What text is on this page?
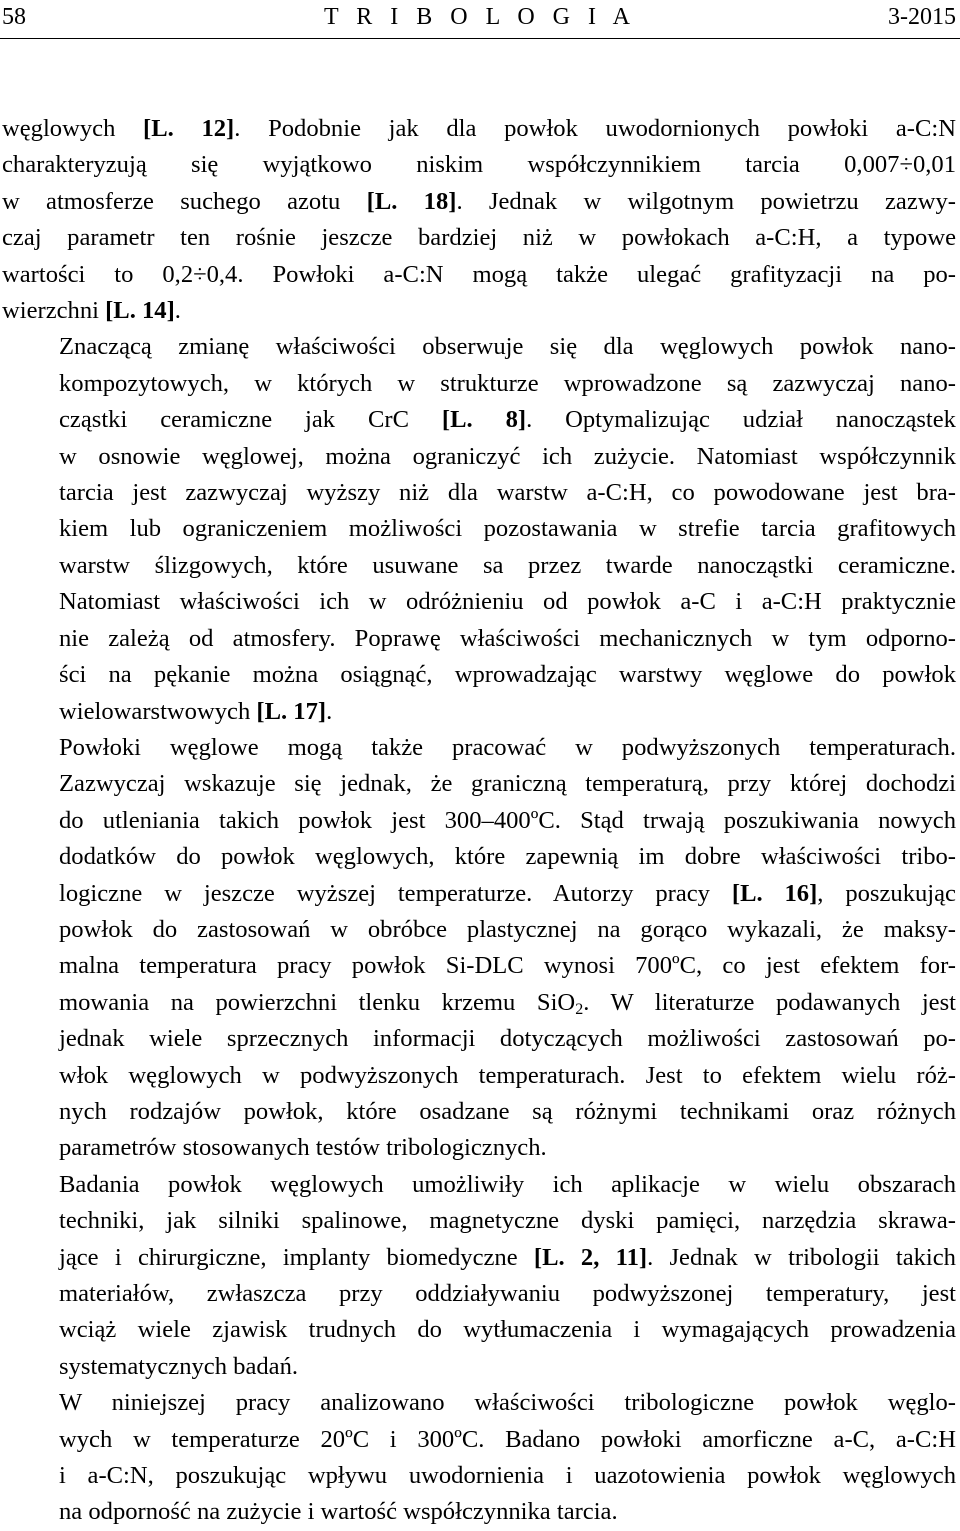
58	T R I B O L O G I A	3-2015

węglowych [L. 12]. Podobnie jak dla powłok uwodornionych powłoki a-C:N
charakteryzują się wyjątkowo niskim współczynnikiem tarcia 0,007÷0,01
w atmosferze suchego azotu [L. 18]. Jednak w wilgotnym powietrzu zazwy-
czaj parametr ten rośnie jeszcze bardziej niż w powłokach a-C:H, a typowe
wartości to 0,2÷0,4. Powłoki a-C:N mogą także ulegać grafityzacji na po-
wierzchni [L. 14].

Znaczącą zmianę właściwości obserwuje się dla węglowych powłok nano-
kompozytowych, w których w strukturze wprowadzone są zazwyczaj nano-
cząstki ceramiczne jak CrC [L. 8]. Optymalizując udział nanocząstek
w osnowie węglowej, można ograniczyć ich zużycie. Natomiast współczynnik
tarcia jest zazwyczaj wyższy niż dla warstw a-C:H, co powodowane jest bra-
kiem lub ograniczeniem możliwości pozostawania w strefie tarcia grafitowych
warstw ślizgowych, które usuwane sa przez twarde nanocząstki ceramiczne.
Natomiast właściwości ich w odróżnieniu od powłok a-C i a-C:H praktycznie
nie zależą od atmosfery. Poprawę właściwości mechanicznych w tym odporno-
ści na pękanie można osiągnąć, wprowadzając warstwy węglowe do powłok
wielowarstwowych [L. 17].

Powłoki węglowe mogą także pracować w podwyższonych temperaturach.
Zazwyczaj wskazuje się jednak, że graniczną temperaturą, przy której dochodzi
do utleniania takich powłok jest 300–400ºC. Stąd trwają poszukiwania nowych
dodatków do powłok węglowych, które zapewnią im dobre właściwości tribo-
logiczne w jeszcze wyższej temperaturze. Autorzy pracy [L. 16], poszukując
powłok do zastosowań w obróbce plastycznej na gorąco wykazali, że maksy-
malna temperatura pracy powłok Si-DLC wynosi 700ºC, co jest efektem for-
mowania na powierzchni tlenku krzemu SiO$_2$. W literaturze podawanych jest
jednak wiele sprzecznych informacji dotyczących możliwości zastosowań po-
włok węglowych w podwyższonych temperaturach. Jest to efektem wielu róż-
nych rodzajów powłok, które osadzane są różnymi technikami oraz różnych
parametrów stosowanych testów tribologicznych.

Badania powłok węglowych umożliwiły ich aplikacje w wielu obszarach
techniki, jak silniki spalinowe, magnetyczne dyski pamięci, narzędzia skrawa-
jące i chirurgiczne, implanty biomedyczne [L. 2, 11]. Jednak w tribologii takich
materiałów, zwłaszcza przy oddziaływaniu podwyższonej temperatury, jest
wciąż wiele zjawisk trudnych do wytłumaczenia i wymagających prowadzenia
systematycznych badań.

W niniejszej pracy analizowano właściwości tribologiczne powłok węglo-
wych w temperaturze 20ºC i 300ºC. Badano powłoki amorficzne a-C, a-C:H
i a-C:N, poszukując wpływu uwodornienia i uazotowienia powłok węglowych
na odporność na zużycie i wartość współczynnika tarcia.
